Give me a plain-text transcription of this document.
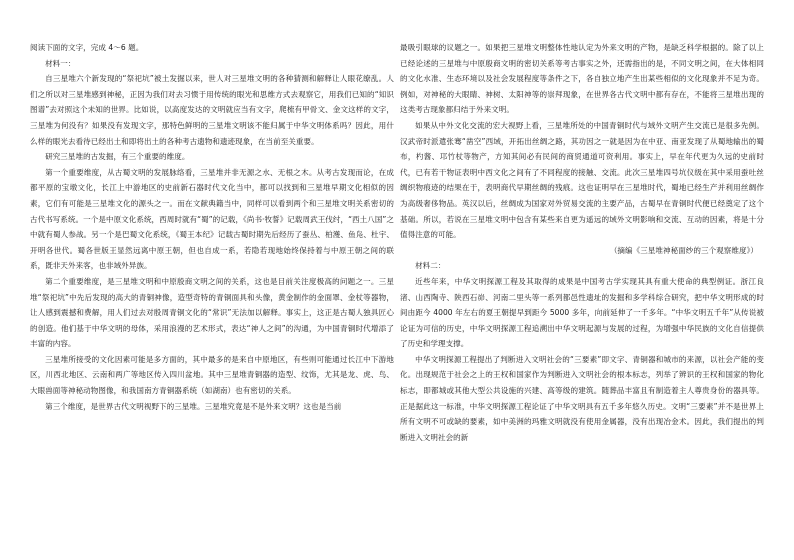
阅读下面的文字，完成 4～6 题。

材料一：

自三星堆六个新发现的“祭祀坑”被土发掘以来，世人对三星堆文明的各种猜测和解释让人眼花缭乱。人们之所以对三星堆感到神秘，正因为我们对去习惯于用传统的眼光和思维方式去观察它，用我们已知的“知识图谱”去对照这个未知的世界。比如说，以高度发达的文明就应当有文字，爬梳有甲骨文、金文这样的文字，三星堆为何没有？如果没有发现文字，那特色鲜明的三星堆文明该不能归属于中华文明体系吗？因此，用什么样的眼光去看待已经出土和即将出土的各种考古遗物和遗迹现象，在当前至关重要。

研究三星堆的古发掘，有三个重要的维度。

第一个重要维度，从古蜀文明的发展脉络看，三星堆并非无源之水、无根之木。从考古发现而论，在成都平原的宝墩文化，长江上中游地区的史前新石器时代文化当中，都可以找到和三星堆早期文化相似的因素，它们有可能是三星堆文化的源头之一。而在文献典籍当中，同样可以看到两个和三星堆文明关系密切的古代书写系统。一个是中原文化系统，西周时就有“蜀”的记载，《尚书·牧誓》记载周武王伐纣，“西土八国”之中就有蜀人参战。另一个是巴蜀文化系统，《蜀王本纪》记载古蜀时期先后经历了蚕丛、柏濩、鱼凫、杜宇、开明各世代。蜀各世版王显然远离中原王朝，但也自成一系，若隐若现地始终保持着与中原王朝之间的联系，既非天外来客，也非域外异族。

第二个重要维度，是三星堆文明和中原殷商文明之间的关系，这也是目前关注度极高的问题之一。三星堆“祭祀坑”中先后发现的高大的青铜神像，造型奇特的青铜面具和头像，黄金制作的金面罩、金杖等器物，让人感到震撼和费解，用人们过去对殷周青铜文化的“常识”无法加以解释。事实上，这正是古蜀人独具匠心的创造。他们基于中华文明的母体，采用浪漫的艺术形式，表达“神人之间”的沟通，为中国青铜时代增添了丰富的内容。

三星堆所接受的文化因素可能是多方面的，其中最多的是来自中原地区，有些则可能通过长江中下游地区，川西北地区、云南和两广等地区传入四川盆地。其中三星堆青铜器的造型、纹饰，尤其是龙、虎、鸟、大眼兽面等神秘动物图像，和我国南方青铜器系统（如湖南）也有密切的关系。

第三个维度，是世界古代文明视野下的三星堆。三星堆究竟是不是外来文明？这也是当前

最吸引眼球的议题之一。如果把三星堆文明整体性地认定为外来文明的产物，是缺乏科学根据的。除了以上已经论述的三星堆与中原殷商文明的密切关系等考古事实之外，还需指出的是，不同文明之间，在大体相同的文化水准、生态环境以及社会发展程度等条件之下，各自独立地产生出某些相似的文化现象并不足为奇。例如，对神秘的大眼睛、神树、太阳神等的崇拜现象，在世界各古代文明中都有存在，不能将三星堆出现的这类考古现象都归结于外来文明。

如果从中外文化交流的宏大视野上看，三星堆所处的中国青铜时代与域外文明产生交流已是很多先例。汉武帝时派遣张骞“凿空”西域，开拓出丝绸之路，其功因之一就是因为在中亚、南亚发现了从蜀地输出的蜀布，杓酱、邛竹杖等物产，方知其间必有民间的商贸通道可资利用。事实上，早在年代更为久远的史前时代，已有若干物证表明中西文化之间有了不同程度的接触、交流。此次三星堆四号坑仪级在其中采用蚕吐丝绸织物痕迹的结果在于，表明商代早期丝绸的残痕。这也证明早在三星堆时代，蜀地已经生产并利用丝绸作为高级奢侈物品。英汉以后，丝绸成为国家对外贸易交流的主要产品，古蜀早在青铜时代便已经奠定了这个基础。所以，若说在三星堆文明中包含有某些来自更为遥远的域外文明影响和交流、互动的因素，将是十分值得注意的可能。

（摘编《三星堆神秘面纱的三个观察维度》）

材料二：

近些年来，中华文明探源工程及其取得的成果是中国考古学实现其具有重大使命的典型例证。浙江良渚、山西陶寺、陕西石峁、河南二里头等一系列都邑性遗址的发掘和多学科综合研究，把中华文明形成的时间由距今 4000 年左右的夏王朝提早到距今 5000 多年，向前延伸了一千多年。“中华文明五千年”从传说被论证为可信的历史，中华文明探源工程追溯出中华文明起源与发展的过程，为增强中华民族的文化自信提供了历史和学理支撑。

中华文明探源工程提出了判断进入文明社会的“三要素”即文字、青铜器和城市的来源，以社会产能的变化。出现规范于社会之上的王权和国家作为判断进入文明社会的根本标志，列举了辨识的王权和国家的物化标志，即都城或其他大型公共设施的兴建、高等级的建筑。随葬品丰富且有制造着主人尊贵身份的器具等。正是据此这一标准，中华文明探源工程论证了中华文明具有五千多年悠久历史。文明“三要素”并不是世界上所有文明不可或缺的要素，如中美洲的玛雅文明就没有使用金属器，没有出现冶金术。因此，我们提出的判断进入文明社会的新
